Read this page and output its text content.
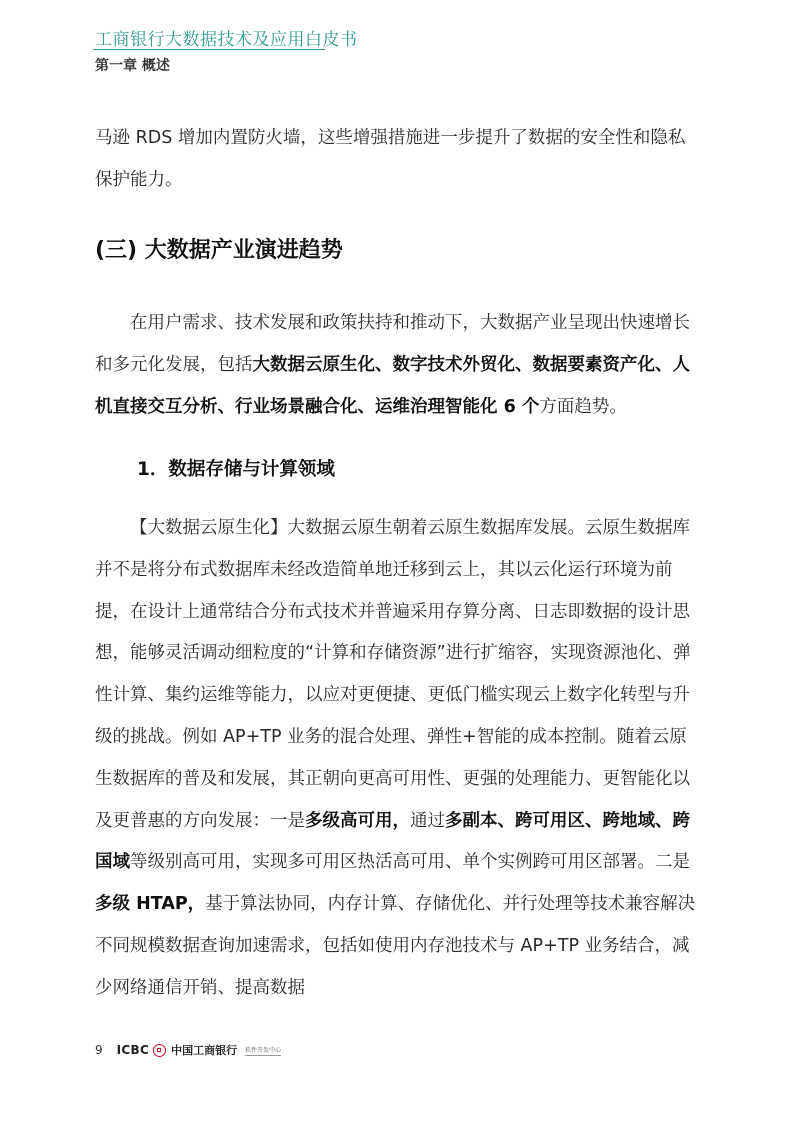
工商银行大数据技术及应用白皮书
第一章 概述

马逊 RDS 增加内置防火墙，这些增强措施进一步提升了数据的安全性和隐私保护能力。

(三) 大数据产业演进趋势

在用户需求、技术发展和政策扶持和推动下，大数据产业呈现出快速增长和多元化发展，包括大数据云原生化、数字技术外贸化、数据要素资产化、人机直接交互分析、行业场景融合化、运维治理智能化 6 个方面趋势。

1．数据存储与计算领域

【大数据云原生化】大数据云原生朝着云原生数据库发展。云原生数据库并不是将分布式数据库未经改造简单地迁移到云上，其以云化运行环境为前提，在设计上通常结合分布式技术并普遍采用存算分离、日志即数据的设计思想，能够灵活调动细粒度的“计算和存储资源”进行扩缩容，实现资源池化、弹性计算、集约运维等能力，以应对更便捷、更低门槛实现云上数字化转型与升级的挑战。例如 AP+TP 业务的混合处理、弹性+智能的成本控制。随着云原生数据库的普及和发展，其正朝向更高可用性、更强的处理能力、更智能化以及更普惠的方向发展：一是多级高可用，通过多副本、跨可用区、跨地域、跨国域等级别高可用，实现多可用区热活高可用、单个实例跨可用区部署。二是多级 HTAP，基于算法协同，内存计算、存储优化、并行处理等技术兼容解决不同规模数据查询加速需求，包括如使用内存池技术与 AP+TP 业务结合，减少网络通信开销、提高数据

9 ICBC 中国工商银行 软件开发中心
